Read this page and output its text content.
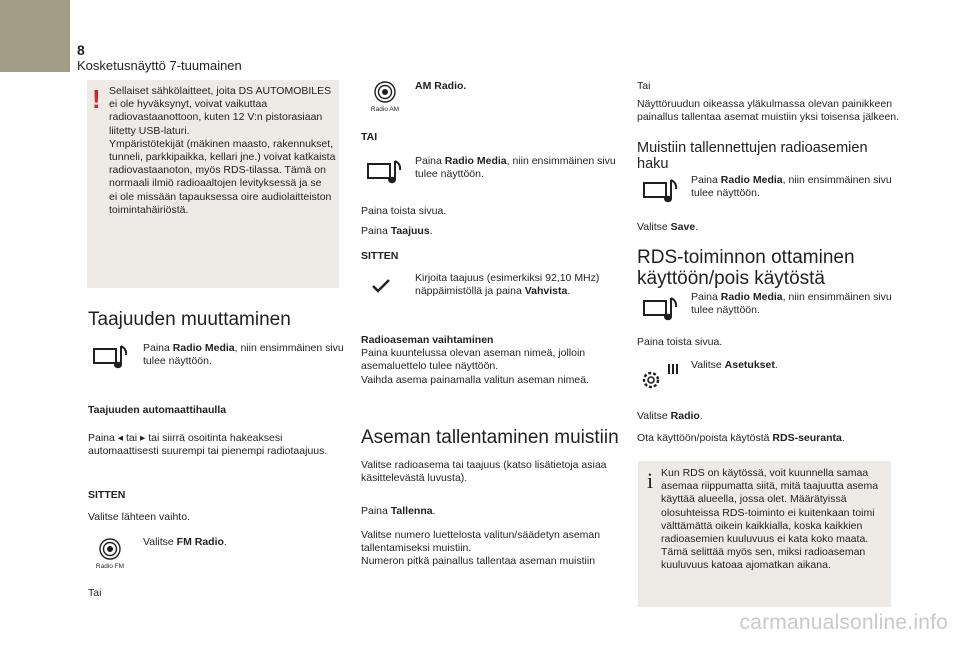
8
Kosketusnäyttö 7-tuumainen
! Sellaiset sähkölaitteet, joita DS AUTOMOBILES

ei ole hyväksynyt, voivat vaikuttaa

radiovastaanottoon, kuten 12 V:n pistorasiaan

liitetty USB-laturi.

Ympäristötekijät (mäkinen maasto, rakennukset,

tunneli, parkkipaikka, kellari jne.) voivat katkaista

radiovastaanoton, myös RDS-tilassa. Tämä on

normaali ilmiö radioaaltojen levityksessä ja se

ei ole missään tapauksessa oire audiolaitteiston

toimintahäiriöstä.

Taajuuden muuttaminen

Paina Radio Media, niin ensimmäinen sivu

tulee näyttöön.

Taajuuden automaattihaulla

Paina ◂ tai ▸ tai siirrä osoitinta hakeaksesi

automaattisesti suurempi tai pienempi radiotaajuus.

SITTEN
Valitse lähteen vaihto.
Radio FM
Valitse FM Radio.
Tai
Radio AM
AM Radio.
TAI

Paina Radio Media, niin ensimmäinen sivu

tulee näyttöön.

Paina toista sivua.
Paina Taajuus.
SITTEN

Kirjoita taajuus (esimerkiksi 92,10 MHz)

näppäimistöllä ja paina Vahvista.

Radioaseman vaihtaminen

Paina kuuntelussa olevan aseman nimeä, jolloin

asemaluettelo tulee näyttöön.

Vaihda asema painamalla valitun aseman nimeä.

Aseman tallentaminen muistiin

Valitse radioasema tai taajuus (katso lisätietoja asiaa

käsittelevästä luvusta).

Paina Tallenna.

Valitse numero luettelosta valitun/säädetyn aseman

tallentamiseksi muistiin.

Numeron pitkä painallus tallentaa aseman muistiin

Tai

Näyttöruudun oikeassa yläkulmassa olevan painikkeen

painallus tallentaa asemat muistiin yksi toisensa jälkeen.

Muistiin tallennettujen radioasemien

haku

Paina Radio Media, niin ensimmäinen sivu

tulee näyttöön.

Valitse Save.

RDS-toiminnon ottaminen

käyttöön/pois käytöstä

Paina Radio Media, niin ensimmäinen sivu

tulee näyttöön.

Paina toista sivua.
Valitse Asetukset.
Valitse Radio.
Ota käyttöön/poista käytöstä RDS-seuranta.
i Kun RDS on käytössä, voit kuunnella samaa

asemaa riippumatta siitä, mitä taajuutta asema

käyttää alueella, jossa olet. Määrätyissä

olosuhteissa RDS-toiminto ei kuitenkaan toimi

välttämättä oikein kaikkialla, koska kaikkien

radioasemien kuuluvuus ei kata koko maata.

Tämä selittää myös sen, miksi radioaseman

kuuluvuus katoaa ajomatkan aikana.

carmanualsonline.info
